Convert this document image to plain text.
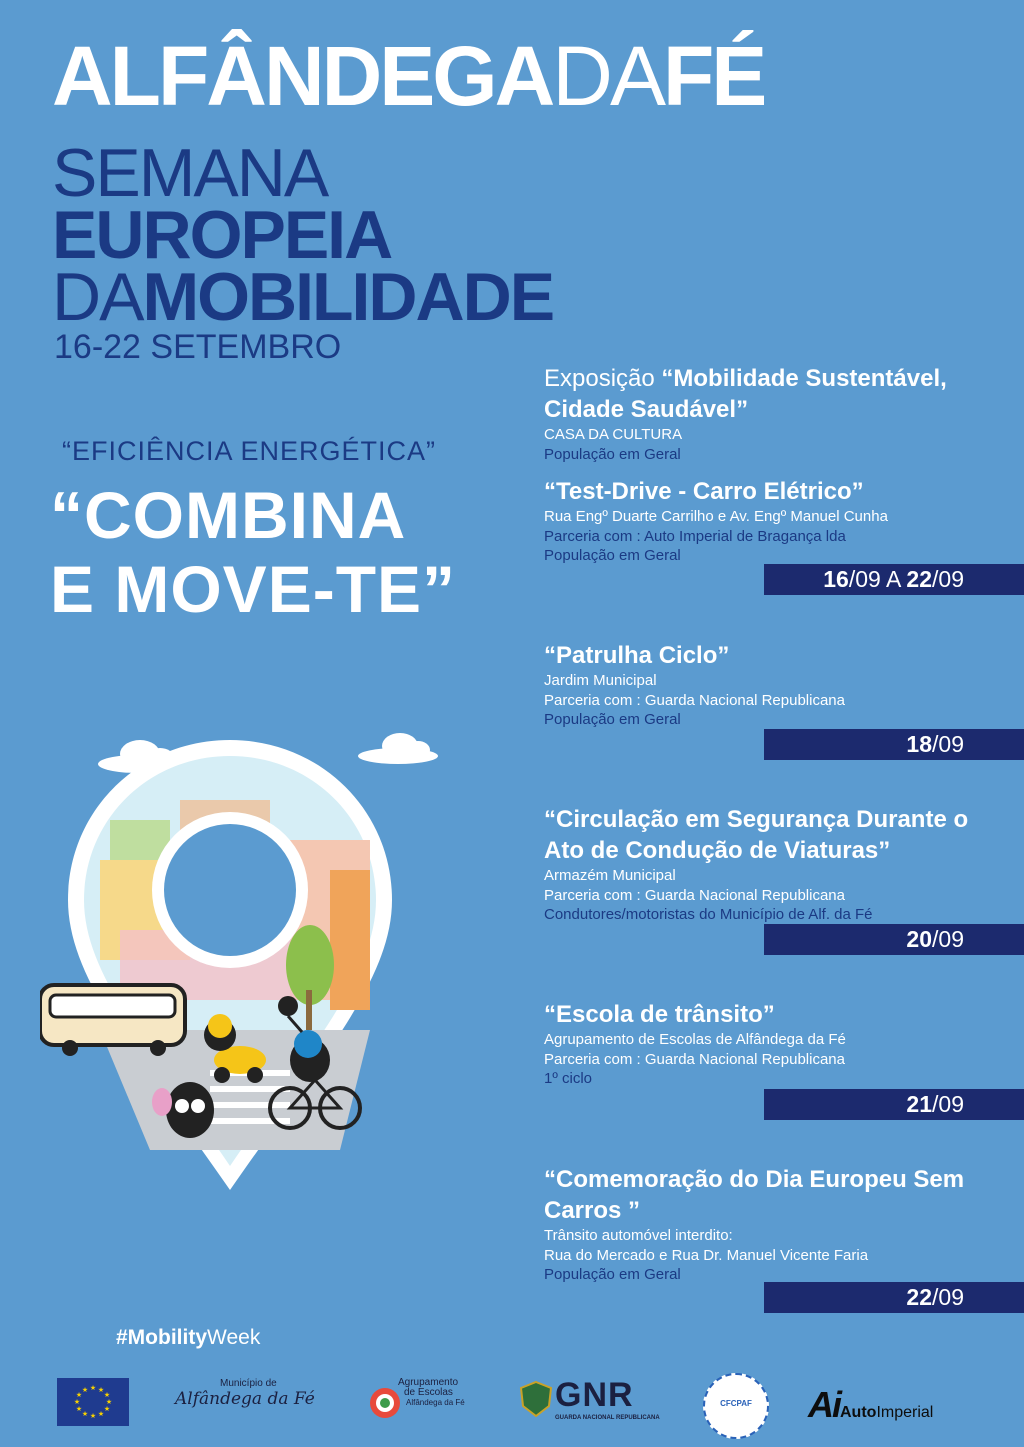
ALFÂNDEGADAFÉ
SEMANA
EUROPEIA
DAMOBILIDADE
16-22 SETEMBRO
“EFICIÊNCIA ENERGÉTICA”
“COMBINA
E MOVE-TE”
Exposição “Mobilidade Sustentável, Cidade Saudável”
CASA DA CULTURA
População em Geral
“Test-Drive - Carro Elétrico”
Rua Engº Duarte Carrilho e Av. Engº Manuel Cunha
Parceria com : Auto Imperial de Bragança lda
População em Geral
16/09 A 22/09
“Patrulha Ciclo”
Jardim Municipal
Parceria com : Guarda Nacional Republicana
População em Geral
18/09
“Circulação em Segurança Durante o Ato de Condução de Viaturas”
Armazém Municipal
Parceria com : Guarda Nacional Republicana
Condutores/motoristas do Município de Alf. da Fé
20/09
“Escola de trânsito”
Agrupamento de Escolas de Alfândega da Fé
Parceria com : Guarda Nacional Republicana
1º ciclo
21/09
“Comemoração do Dia Europeu Sem Carros ”
Trânsito automóvel interdito:
Rua do Mercado e Rua Dr. Manuel Vicente Faria
População em Geral
22/09
#MobilityWeek
★ ★
★
★
★
★
★
★
★
★
★
★
Município de
Alfândega da Fé
Agrupamento
de Escolas
Alfândega da Fé	GNR
GUARDA NACIONAL REPUBLICANA
CFCPAF	AiAutoImperial
